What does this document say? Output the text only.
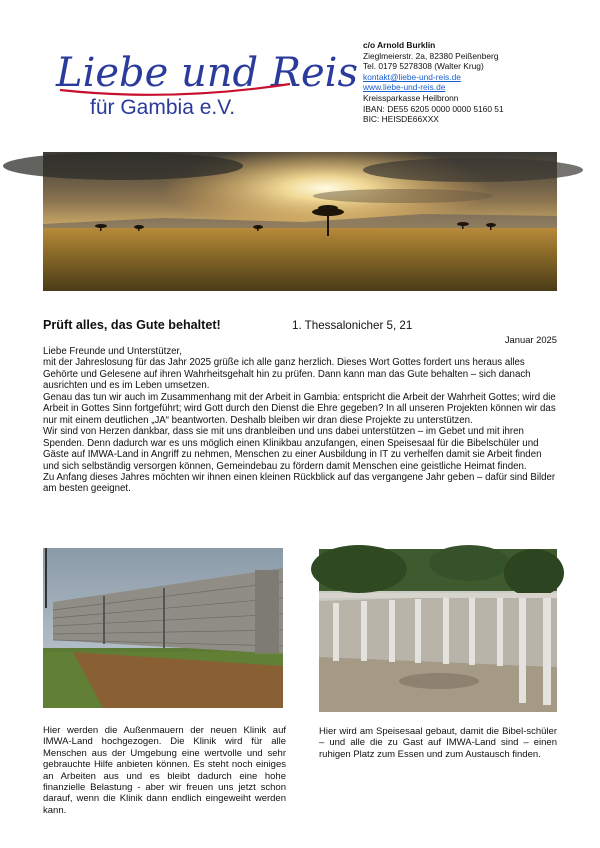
Liebe und Reis
für Gambia e.V.
c/o Arnold Burklin
Zieglmeierstr. 2a, 82380 Peißenberg
Tel. 0179 5278308 (Walter Krug)
kontakt@liebe-und-reis.de
www.liebe-und-reis.de
Kreissparkasse Heilbronn
IBAN: DE55 6205 0000 0000 5160 51
BIC: HEISDE66XXX
Prüft alles, das Gute behaltet!	1. Thessalonicher 5, 21
Januar 2025

Liebe Freunde und Unterstützer,

mit der Jahreslosung für das Jahr 2025 grüße ich alle ganz herzlich. Dieses Wort Gottes fordert uns heraus alles Gehörte und Gelesene auf ihren Wahrheitsgehalt hin zu prüfen. Dann kann man das Gute behalten – sich danach ausrichten und es im Leben umsetzen.

Genau das tun wir auch im Zusammenhang mit der Arbeit in Gambia: entspricht die Arbeit der Wahrheit Gottes; wird die Arbeit in Gottes Sinn fortgeführt; wird Gott durch den Dienst die Ehre gegeben? In all unseren Projekten können wir das nur mit einem deutlichen „JA“ beantworten. Deshalb bleiben wir dran diese Projekte zu unterstützen.

Wir sind von Herzen dankbar, dass sie mit uns dranbleiben und uns dabei unterstützen – im Gebet und mit ihren Spenden. Denn dadurch war es uns möglich einen Klinikbau anzufangen, einen Speisesaal für die Bibelschüler und Gäste auf IMWA-Land in Angriff zu nehmen, Menschen zu einer Ausbildung in IT zu verhelfen damit sie Arbeit finden und sich selbständig versorgen können, Gemeindebau zu fördern damit Menschen eine geistliche Heimat finden.

Zu Anfang dieses Jahres möchten wir ihnen einen kleinen Rückblick auf das vergangene Jahr geben – dafür sind Bilder am besten geeignet.

Hier werden die Außenmauern der neuen Klinik auf IMWA-Land hochgezogen. Die Klinik wird für alle Menschen aus der Umgebung eine wertvolle und sehr gebrauchte Hilfe anbieten können. Es steht noch einiges an Arbeiten aus und es bleibt dadurch eine hohe finanzielle Belastung - aber wir freuen uns jetzt schon darauf, wenn die Klinik dann endlich eingeweiht werden kann.
Hier wird am Speisesaal gebaut, damit die Bibel-schüler – und alle die zu Gast auf IMWA-Land sind – einen ruhigen Platz zum Essen und zum Austausch finden.
